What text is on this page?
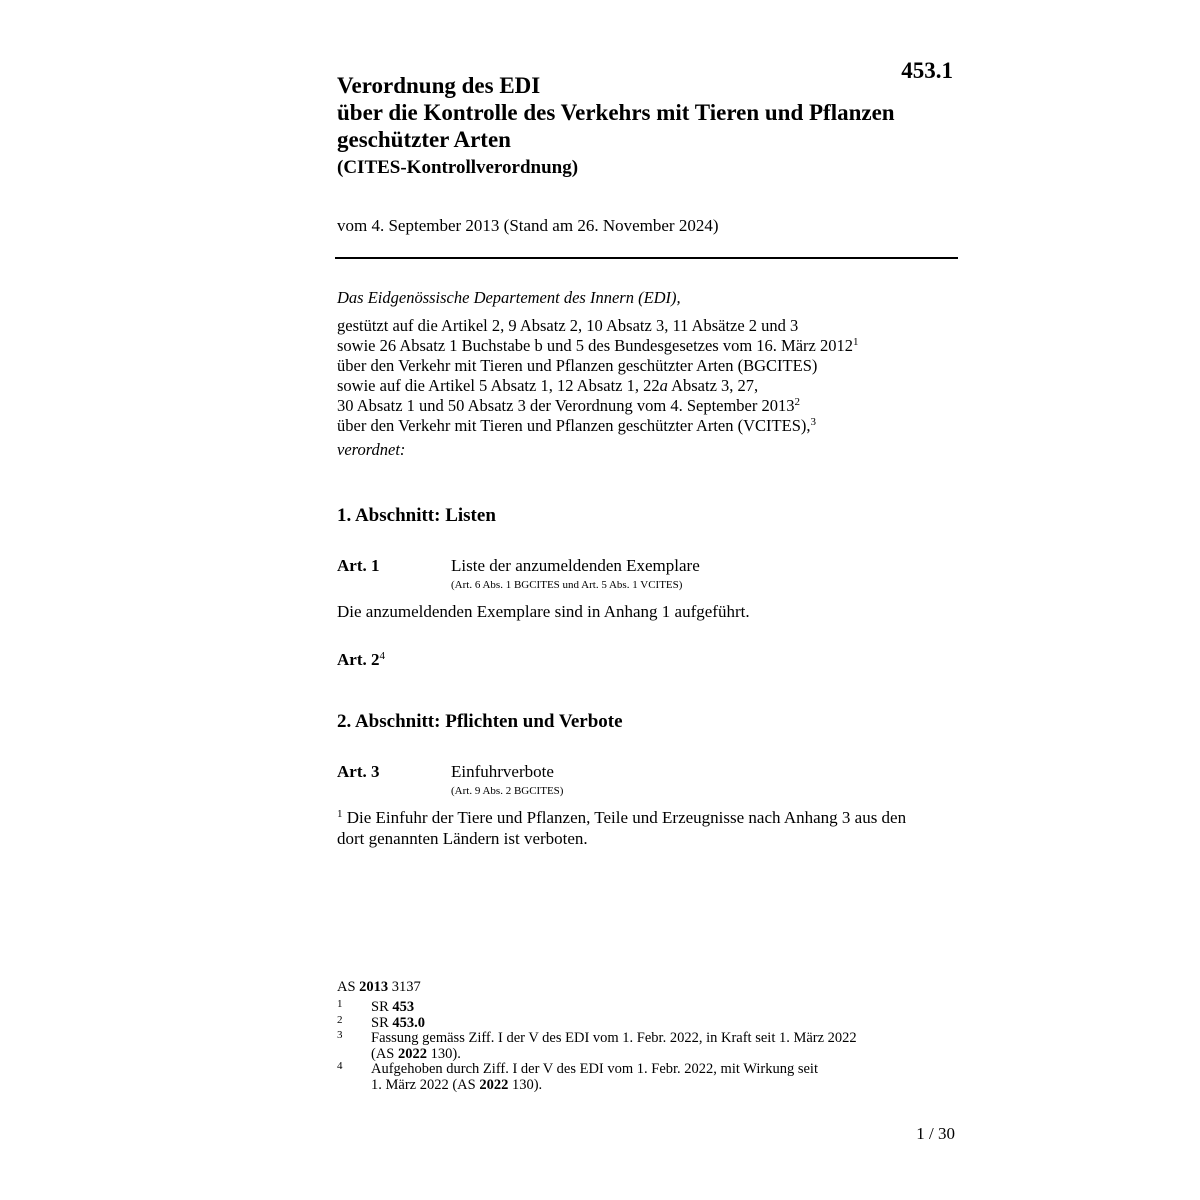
453.1
Verordnung des EDI
über die Kontrolle des Verkehrs mit Tieren und Pflanzen
geschützter Arten
(CITES-Kontrollverordnung)
vom 4. September 2013 (Stand am 26. November 2024)
Das Eidgenössische Departement des Innern (EDI),
gestützt auf die Artikel 2, 9 Absatz 2, 10 Absatz 3, 11 Absätze 2 und 3
sowie 26 Absatz 1 Buchstabe b und 5 des Bundesgesetzes vom 16. März 2012$^1$
über den Verkehr mit Tieren und Pflanzen geschützter Arten (BGCITES)
sowie auf die Artikel 5 Absatz 1, 12 Absatz 1, 22a Absatz 3, 27,
30 Absatz 1 und 50 Absatz 3 der Verordnung vom 4. September 2013$^2$
über den Verkehr mit Tieren und Pflanzen geschützter Arten (VCITES),$^3$
verordnet:
1. Abschnitt: Listen
Art. 1	Liste der anzumeldenden Exemplare
(Art. 6 Abs. 1 BGCITES und Art. 5 Abs. 1 VCITES)
Die anzumeldenden Exemplare sind in Anhang 1 aufgeführt.
Art. 2$^4$
2. Abschnitt: Pflichten und Verbote
Art. 3	Einfuhrverbote
(Art. 9 Abs. 2 BGCITES)
$^1$ Die Einfuhr der Tiere und Pflanzen, Teile und Erzeugnisse nach Anhang 3 aus den
dort genannten Ländern ist verboten.
AS 2013 3137
1 SR 453
2 SR 453.0
3 Fassung gemäss Ziff. I der V des EDI vom 1. Febr. 2022, in Kraft seit 1. März 2022
(AS 2022 130).
4 Aufgehoben durch Ziff. I der V des EDI vom 1. Febr. 2022, mit Wirkung seit
1. März 2022 (AS 2022 130).
1 / 30
